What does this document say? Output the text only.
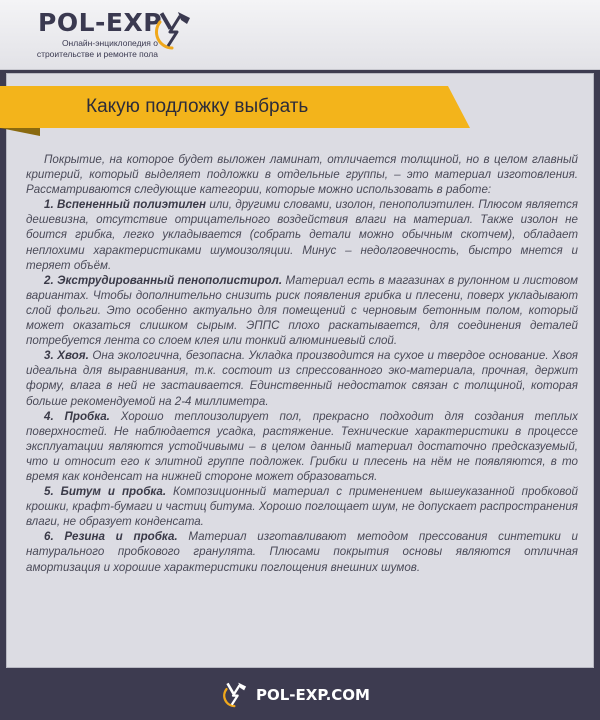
POL-EXP
Онлайн-энциклопедия о
строительстве и ремонте пола
Какую подложку выбрать

Покрытие, на которое будет выложен ламинат, отличается толщиной, но в целом главный критерий, который выделяет подложки в отдельные группы, – это материал изготовления. Рассматриваются следующие категории, которые можно использовать в работе:

1. Вспененный полиэтилен или, другими словами, изолон, пенополиэтилен. Плюсом является дешевизна, отсутствие отрицательного воздействия влаги на материал. Также изолон не боится грибка, легко укладывается (собрать детали можно обычным скотчем), обладает неплохими характеристиками шумоизоляции. Минус – недолговечность, быстро мнется и теряет объём.

2. Экструдированный пенополистирол. Материал есть в магазинах в рулонном и листовом вариантах. Чтобы дополнительно снизить риск появления грибка и плесени, поверх укладывают слой фольги. Это особенно актуально для помещений с черновым бетонным полом, который может оказаться слишком сырым. ЭППС плохо раскатывается, для соединения деталей потребуется лента со слоем клея или тонкий алюминиевый слой.

3. Хвоя. Она экологична, безопасна. Укладка производится на сухое и твердое основание. Хвоя идеальна для выравнивания, т.к. состоит из спрессованного эко-материала, прочная, держит форму, влага в ней не застаивается. Единственный недостаток связан с толщиной, которая больше рекомендуемой на 2-4 миллиметра.

4. Пробка. Хорошо теплоизолирует пол, прекрасно подходит для создания теплых поверхностей. Не наблюдается усадка, растяжение. Технические характеристики в процессе эксплуатации являются устойчивыми – в целом данный материал достаточно предсказуемый, что и относит его к элитной группе подложек. Грибки и плесень на нём не появляются, в то время как конденсат на нижней стороне может образоваться.

5. Битум и пробка. Композиционный материал с применением вышеуказанной пробковой крошки, крафт-бумаги и частиц битума. Хорошо поглощает шум, не допускает распространения влаги, не образует конденсата.

6. Резина и пробка. Материал изготавливают методом прессования синтетики и натурального пробкового гранулята. Плюсами покрытия основы являются отличная амортизация и хорошие характеристики поглощения внешних шумов.

POL-EXP.COM
